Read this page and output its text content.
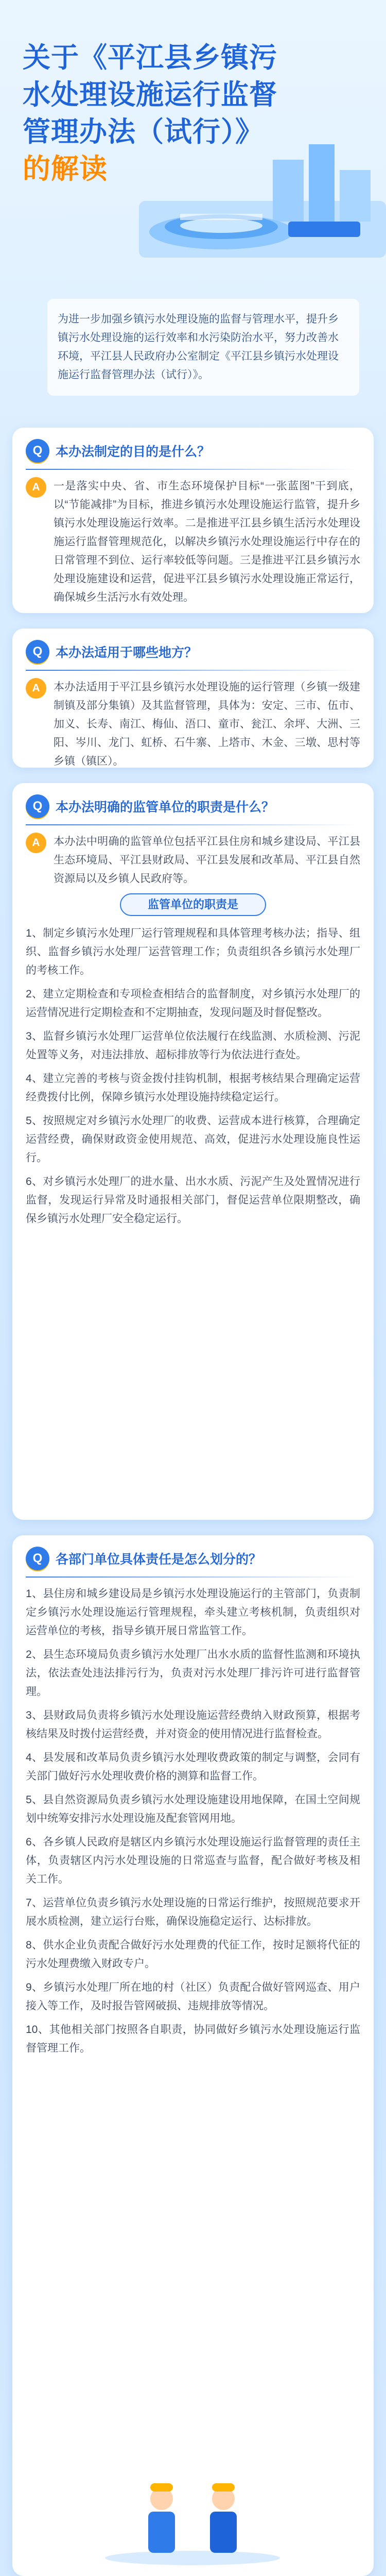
关于《平江县乡镇污水处理设施运行监督管理办法（试行）》的解读
为进一步加强乡镇污水处理设施的监督与管理水平，提升乡镇污水处理设施的运行效率和水污染防治水平，努力改善水环境，平江县人民政府办公室制定《平江县乡镇污水处理设施运行监督管理办法（试行）》。
Q	本办法制定的目的是什么？
A	一是落实中央、省、市生态环境保护目标“一张蓝图”干到底，以“节能减排”为目标，推进乡镇污水处理设施运行监管，提升乡镇污水处理设施运行效率。二是推进平江县乡镇生活污水处理设施运行监督管理规范化，以解决乡镇污水处理设施运行中存在的日常管理不到位、运行率较低等问题。三是推进平江县乡镇污水处理设施建设和运营，促进平江县乡镇污水处理设施正常运行，确保城乡生活污水有效处理。
Q	本办法适用于哪些地方？
A	本办法适用于平江县乡镇污水处理设施的运行管理（乡镇一级建制镇及部分集镇）及其监督管理，具体为：安定、三市、伍市、加义、长寿、南江、梅仙、浯口、童市、瓮江、余坪、大洲、三阳、岑川、龙门、虹桥、石牛寨、上塔市、木金、三墩、思村等乡镇（镇区）。
Q	本办法明确的监管单位的职责是什么？
A	本办法中明确的监管单位包括平江县住房和城乡建设局、平江县生态环境局、平江县财政局、平江县发展和改革局、平江县自然资源局以及乡镇人民政府等。
监管单位的职责是

1、制定乡镇污水处理厂运行管理规程和具体管理考核办法；指导、组织、监督乡镇污水处理厂运营管理工作；负责组织各乡镇污水处理厂的考核工作。

2、建立定期检查和专项检查相结合的监督制度，对乡镇污水处理厂的运营情况进行定期检查和不定期抽查，发现问题及时督促整改。

3、监督乡镇污水处理厂运营单位依法履行在线监测、水质检测、污泥处置等义务，对违法排放、超标排放等行为依法进行查处。

4、建立完善的考核与资金拨付挂钩机制，根据考核结果合理确定运营经费拨付比例，保障乡镇污水处理设施持续稳定运行。

5、按照规定对乡镇污水处理厂的收费、运营成本进行核算，合理确定运营经费，确保财政资金使用规范、高效，促进污水处理设施良性运行。

6、对乡镇污水处理厂的进水量、出水水质、污泥产生及处置情况进行监督，发现运行异常及时通报相关部门，督促运营单位限期整改，确保乡镇污水处理厂安全稳定运行。

Q	各部门单位具体责任是怎么划分的？

1、县住房和城乡建设局是乡镇污水处理设施运行的主管部门，负责制定乡镇污水处理设施运行管理规程，牵头建立考核机制，负责组织对运营单位的考核，指导乡镇开展日常监管工作。

2、县生态环境局负责乡镇污水处理厂出水水质的监督性监测和环境执法，依法查处违法排污行为，负责对污水处理厂排污许可进行监督管理。

3、县财政局负责将乡镇污水处理设施运营经费纳入财政预算，根据考核结果及时拨付运营经费，并对资金的使用情况进行监督检查。

4、县发展和改革局负责乡镇污水处理收费政策的制定与调整，会同有关部门做好污水处理收费价格的测算和监督工作。

5、县自然资源局负责乡镇污水处理设施建设用地保障，在国土空间规划中统筹安排污水处理设施及配套管网用地。

6、各乡镇人民政府是辖区内乡镇污水处理设施运行监督管理的责任主体，负责辖区内污水处理设施的日常巡查与监督，配合做好考核及相关工作。

7、运营单位负责乡镇污水处理设施的日常运行维护，按照规范要求开展水质检测，建立运行台账，确保设施稳定运行、达标排放。

8、供水企业负责配合做好污水处理费的代征工作，按时足额将代征的污水处理费缴入财政专户。

9、乡镇污水处理厂所在地的村（社区）负责配合做好管网巡查、用户接入等工作，及时报告管网破损、违规排放等情况。

10、其他相关部门按照各自职责，协同做好乡镇污水处理设施运行监督管理工作。
